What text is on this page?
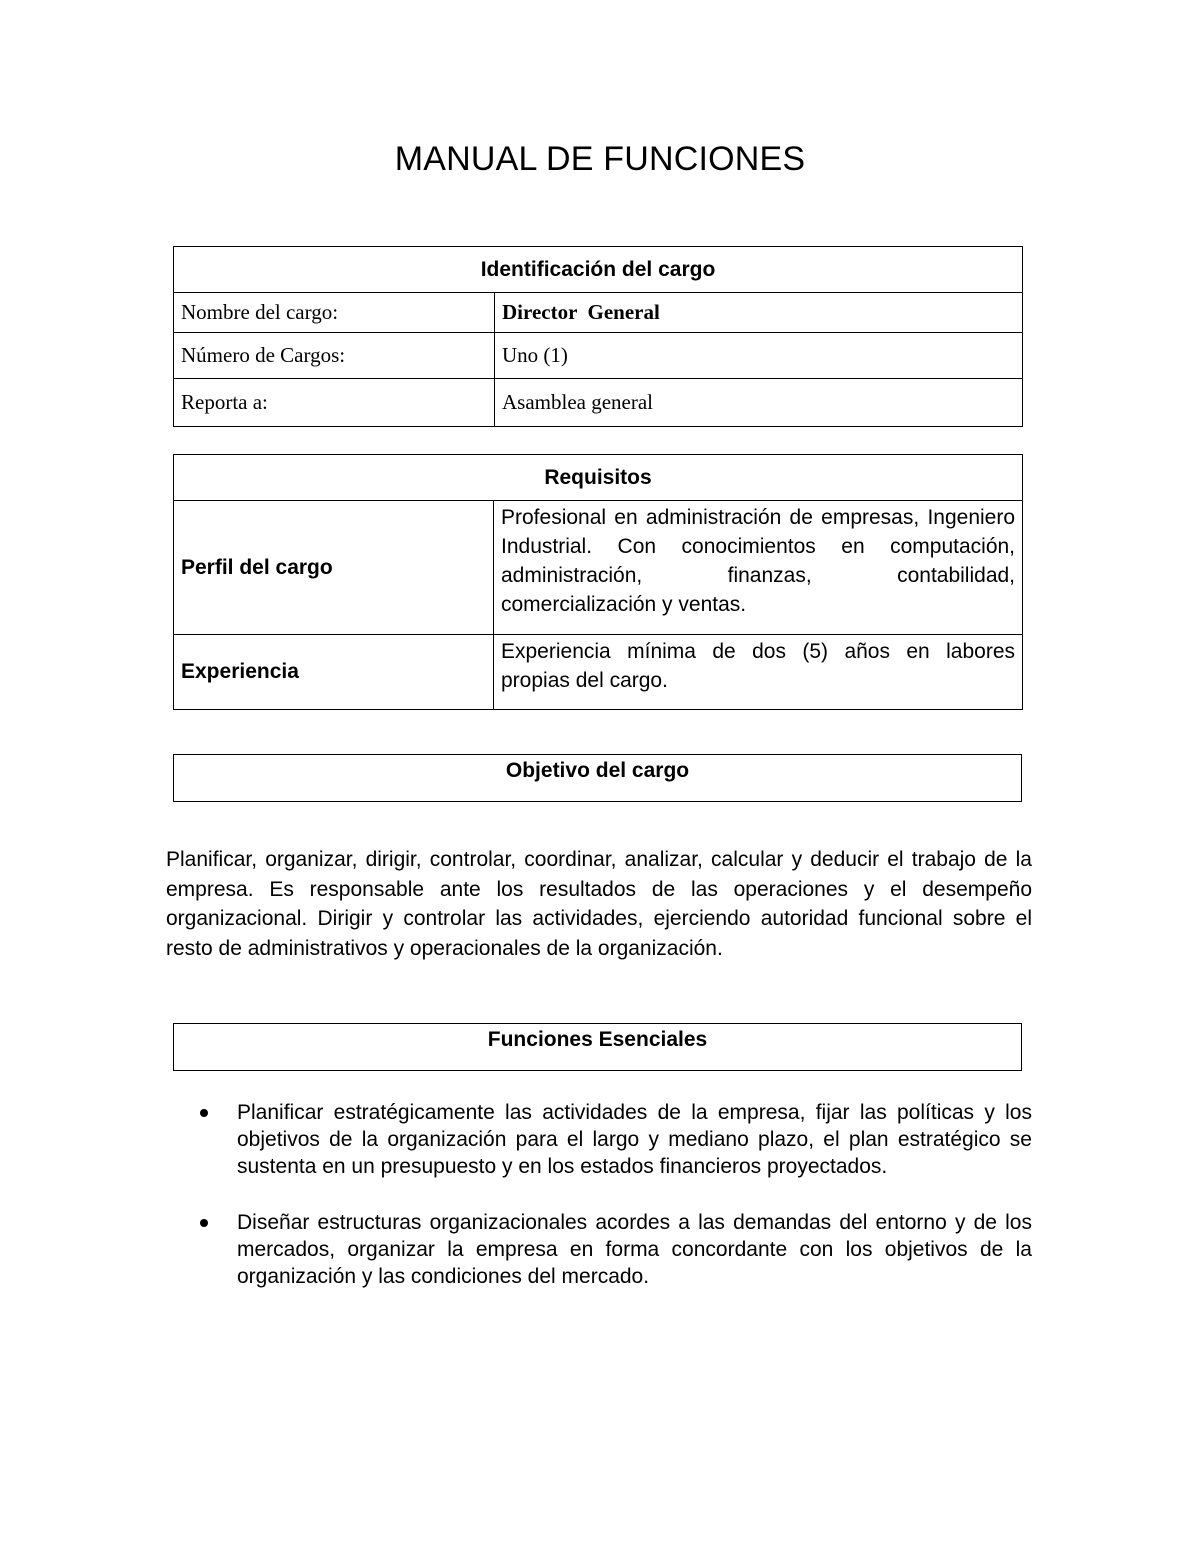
MANUAL DE FUNCIONES
Identificación del cargo	
Nombre del cargo:	Director  General
Número de Cargos:	Uno (1)
Reporta a:	Asamblea general
Requisitos	
Perfil del cargo	Profesional en administración de empresas, Ingeniero Industrial. Con conocimientos en computación, administración, finanzas, contabilidad, comercialización y ventas.
Experiencia	Experiencia mínima de dos (5) años en labores propias del cargo.
Objetivo del cargo

Planificar, organizar, dirigir, controlar, coordinar, analizar, calcular y deducir el trabajo de la empresa. Es responsable ante los resultados de las operaciones y el desempeño organizacional. Dirigir y controlar las actividades, ejerciendo autoridad funcional sobre el resto de administrativos y operacionales de la organización.

Funciones Esenciales
Planificar estratégicamente las actividades de la empresa, fijar las políticas y los objetivos de la organización para el largo y mediano plazo, el plan estratégico se sustenta en un presupuesto y en los estados financieros proyectados.
Diseñar estructuras organizacionales acordes a las demandas del entorno y de los mercados, organizar la empresa en forma concordante con los objetivos de la organización y las condiciones del mercado.
